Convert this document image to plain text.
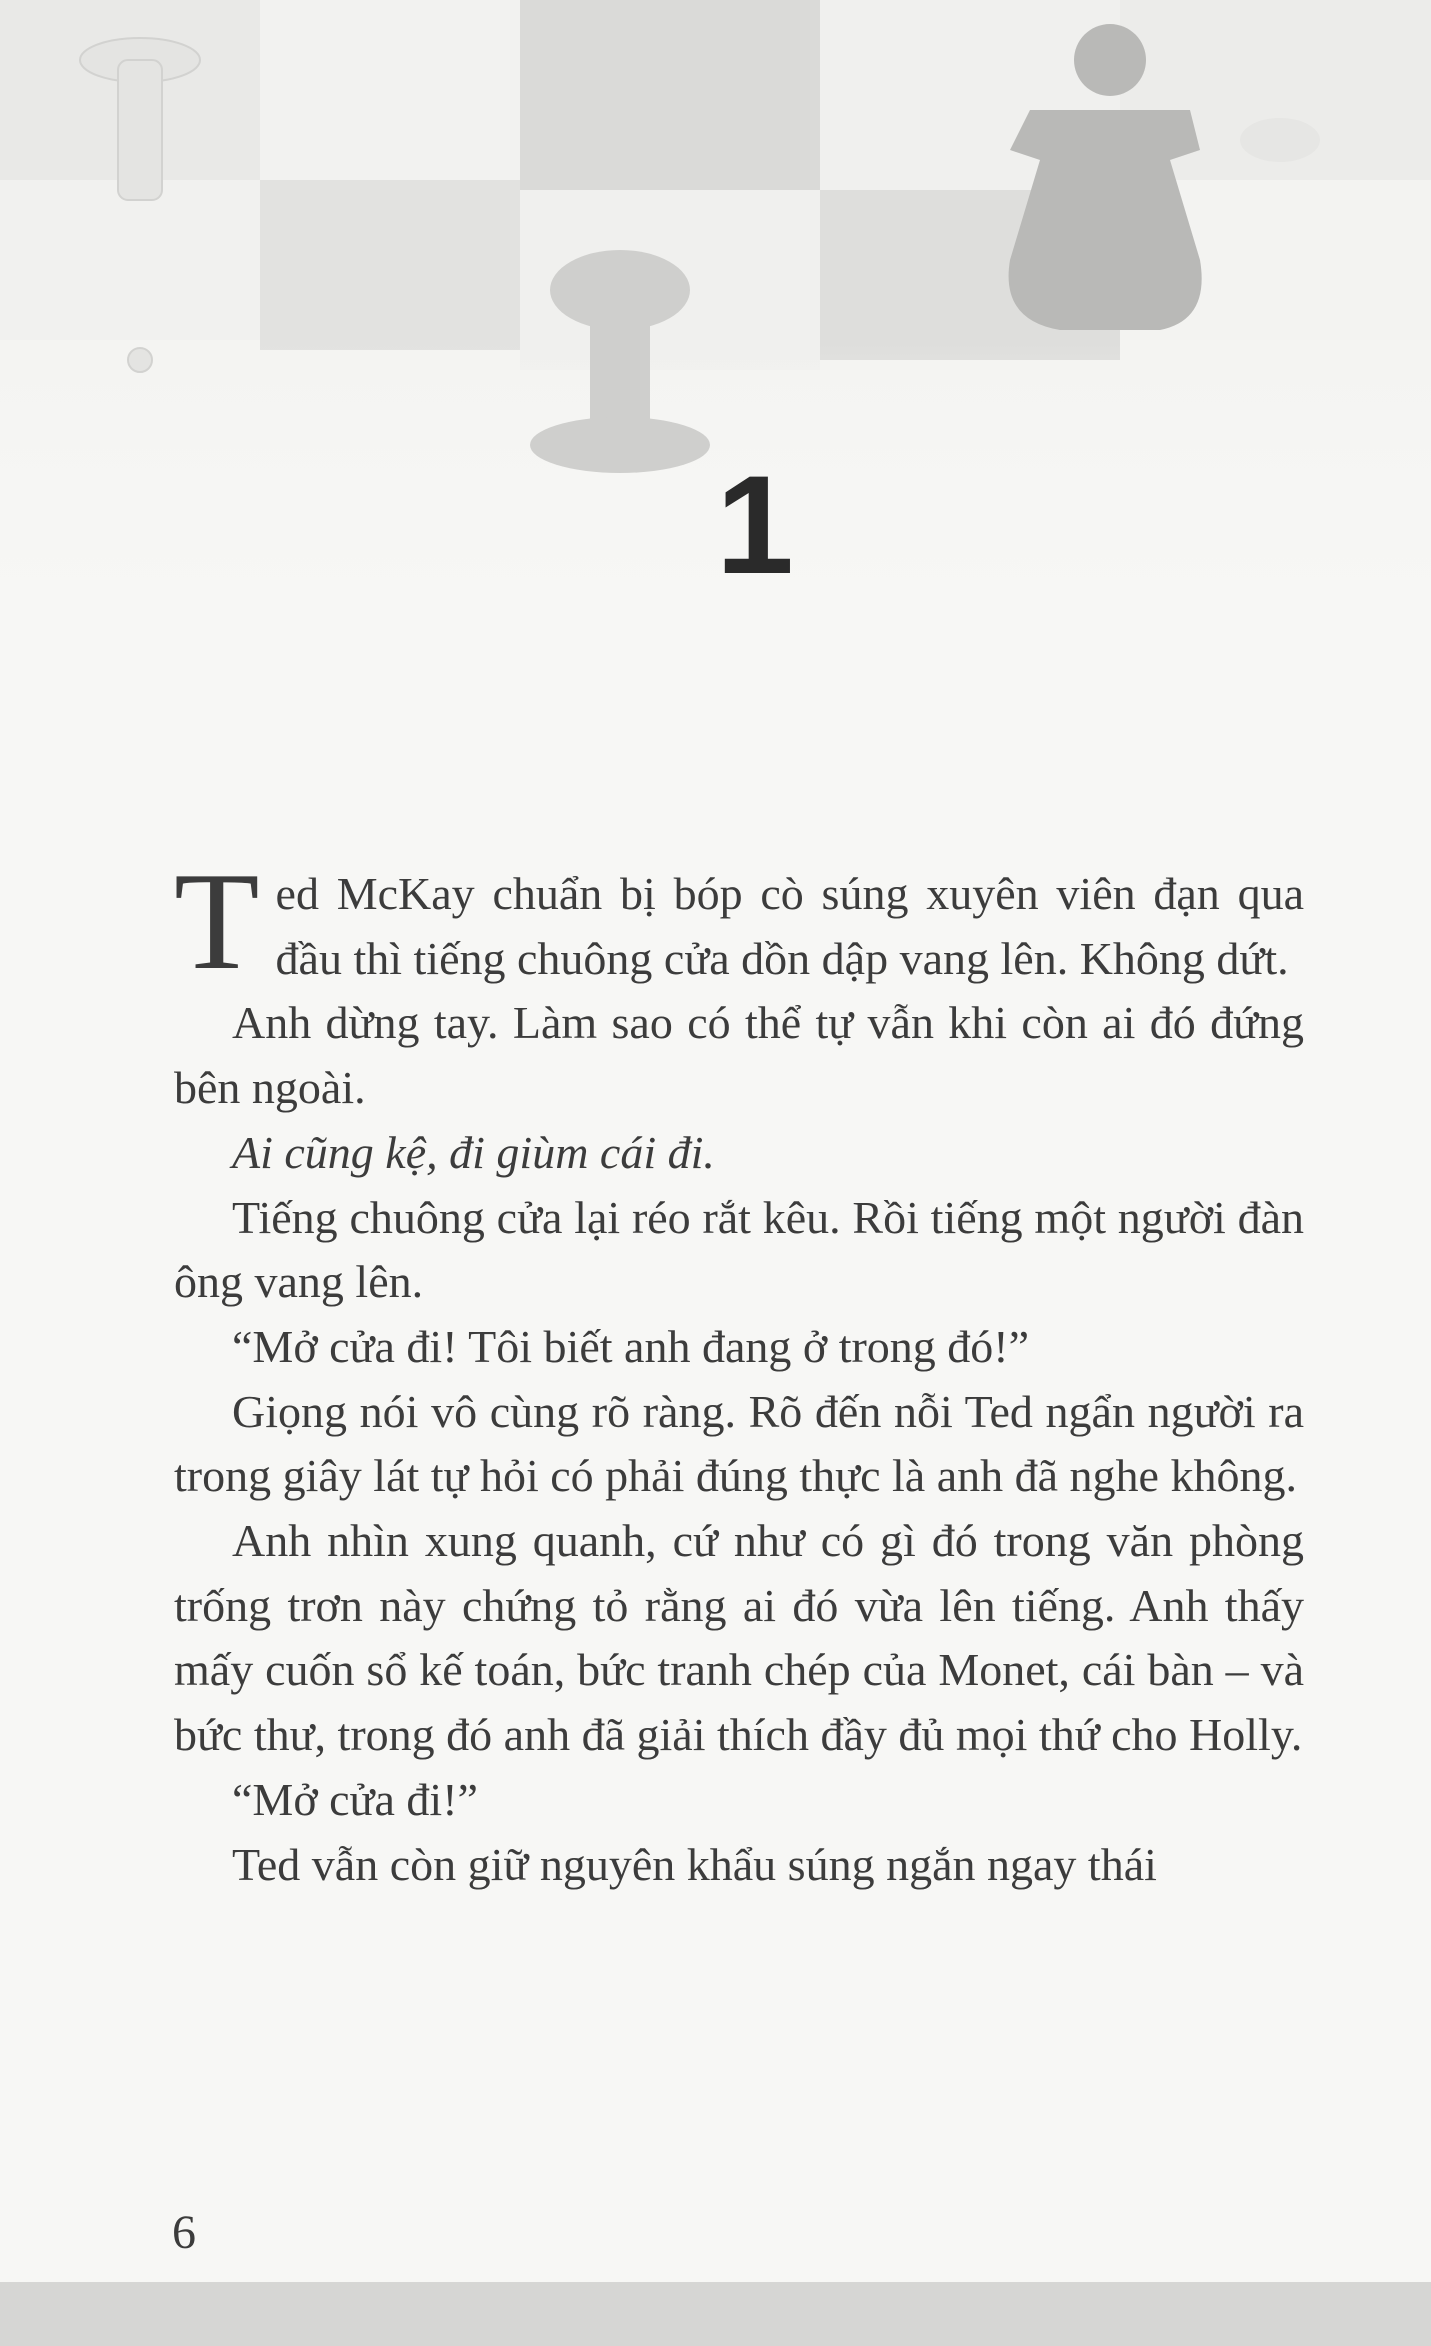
1

Ted McKay chuẩn bị bóp cò súng xuyên viên đạn qua đầu thì tiếng chuông cửa dồn dập vang lên. Không dứt.

Anh dừng tay. Làm sao có thể tự vẫn khi còn ai đó đứng bên ngoài.

Ai cũng kệ, đi giùm cái đi.

Tiếng chuông cửa lại réo rắt kêu. Rồi tiếng một người đàn ông vang lên.

“Mở cửa đi! Tôi biết anh đang ở trong đó!”

Giọng nói vô cùng rõ ràng. Rõ đến nỗi Ted ngẩn người ra trong giây lát tự hỏi có phải đúng thực là anh đã nghe không.

Anh nhìn xung quanh, cứ như có gì đó trong văn phòng trống trơn này chứng tỏ rằng ai đó vừa lên tiếng. Anh thấy mấy cuốn sổ kế toán, bức tranh chép của Monet, cái bàn – và bức thư, trong đó anh đã giải thích đầy đủ mọi thứ cho Holly.

“Mở cửa đi!”

Ted vẫn còn giữ nguyên khẩu súng ngắn ngay thái

6
